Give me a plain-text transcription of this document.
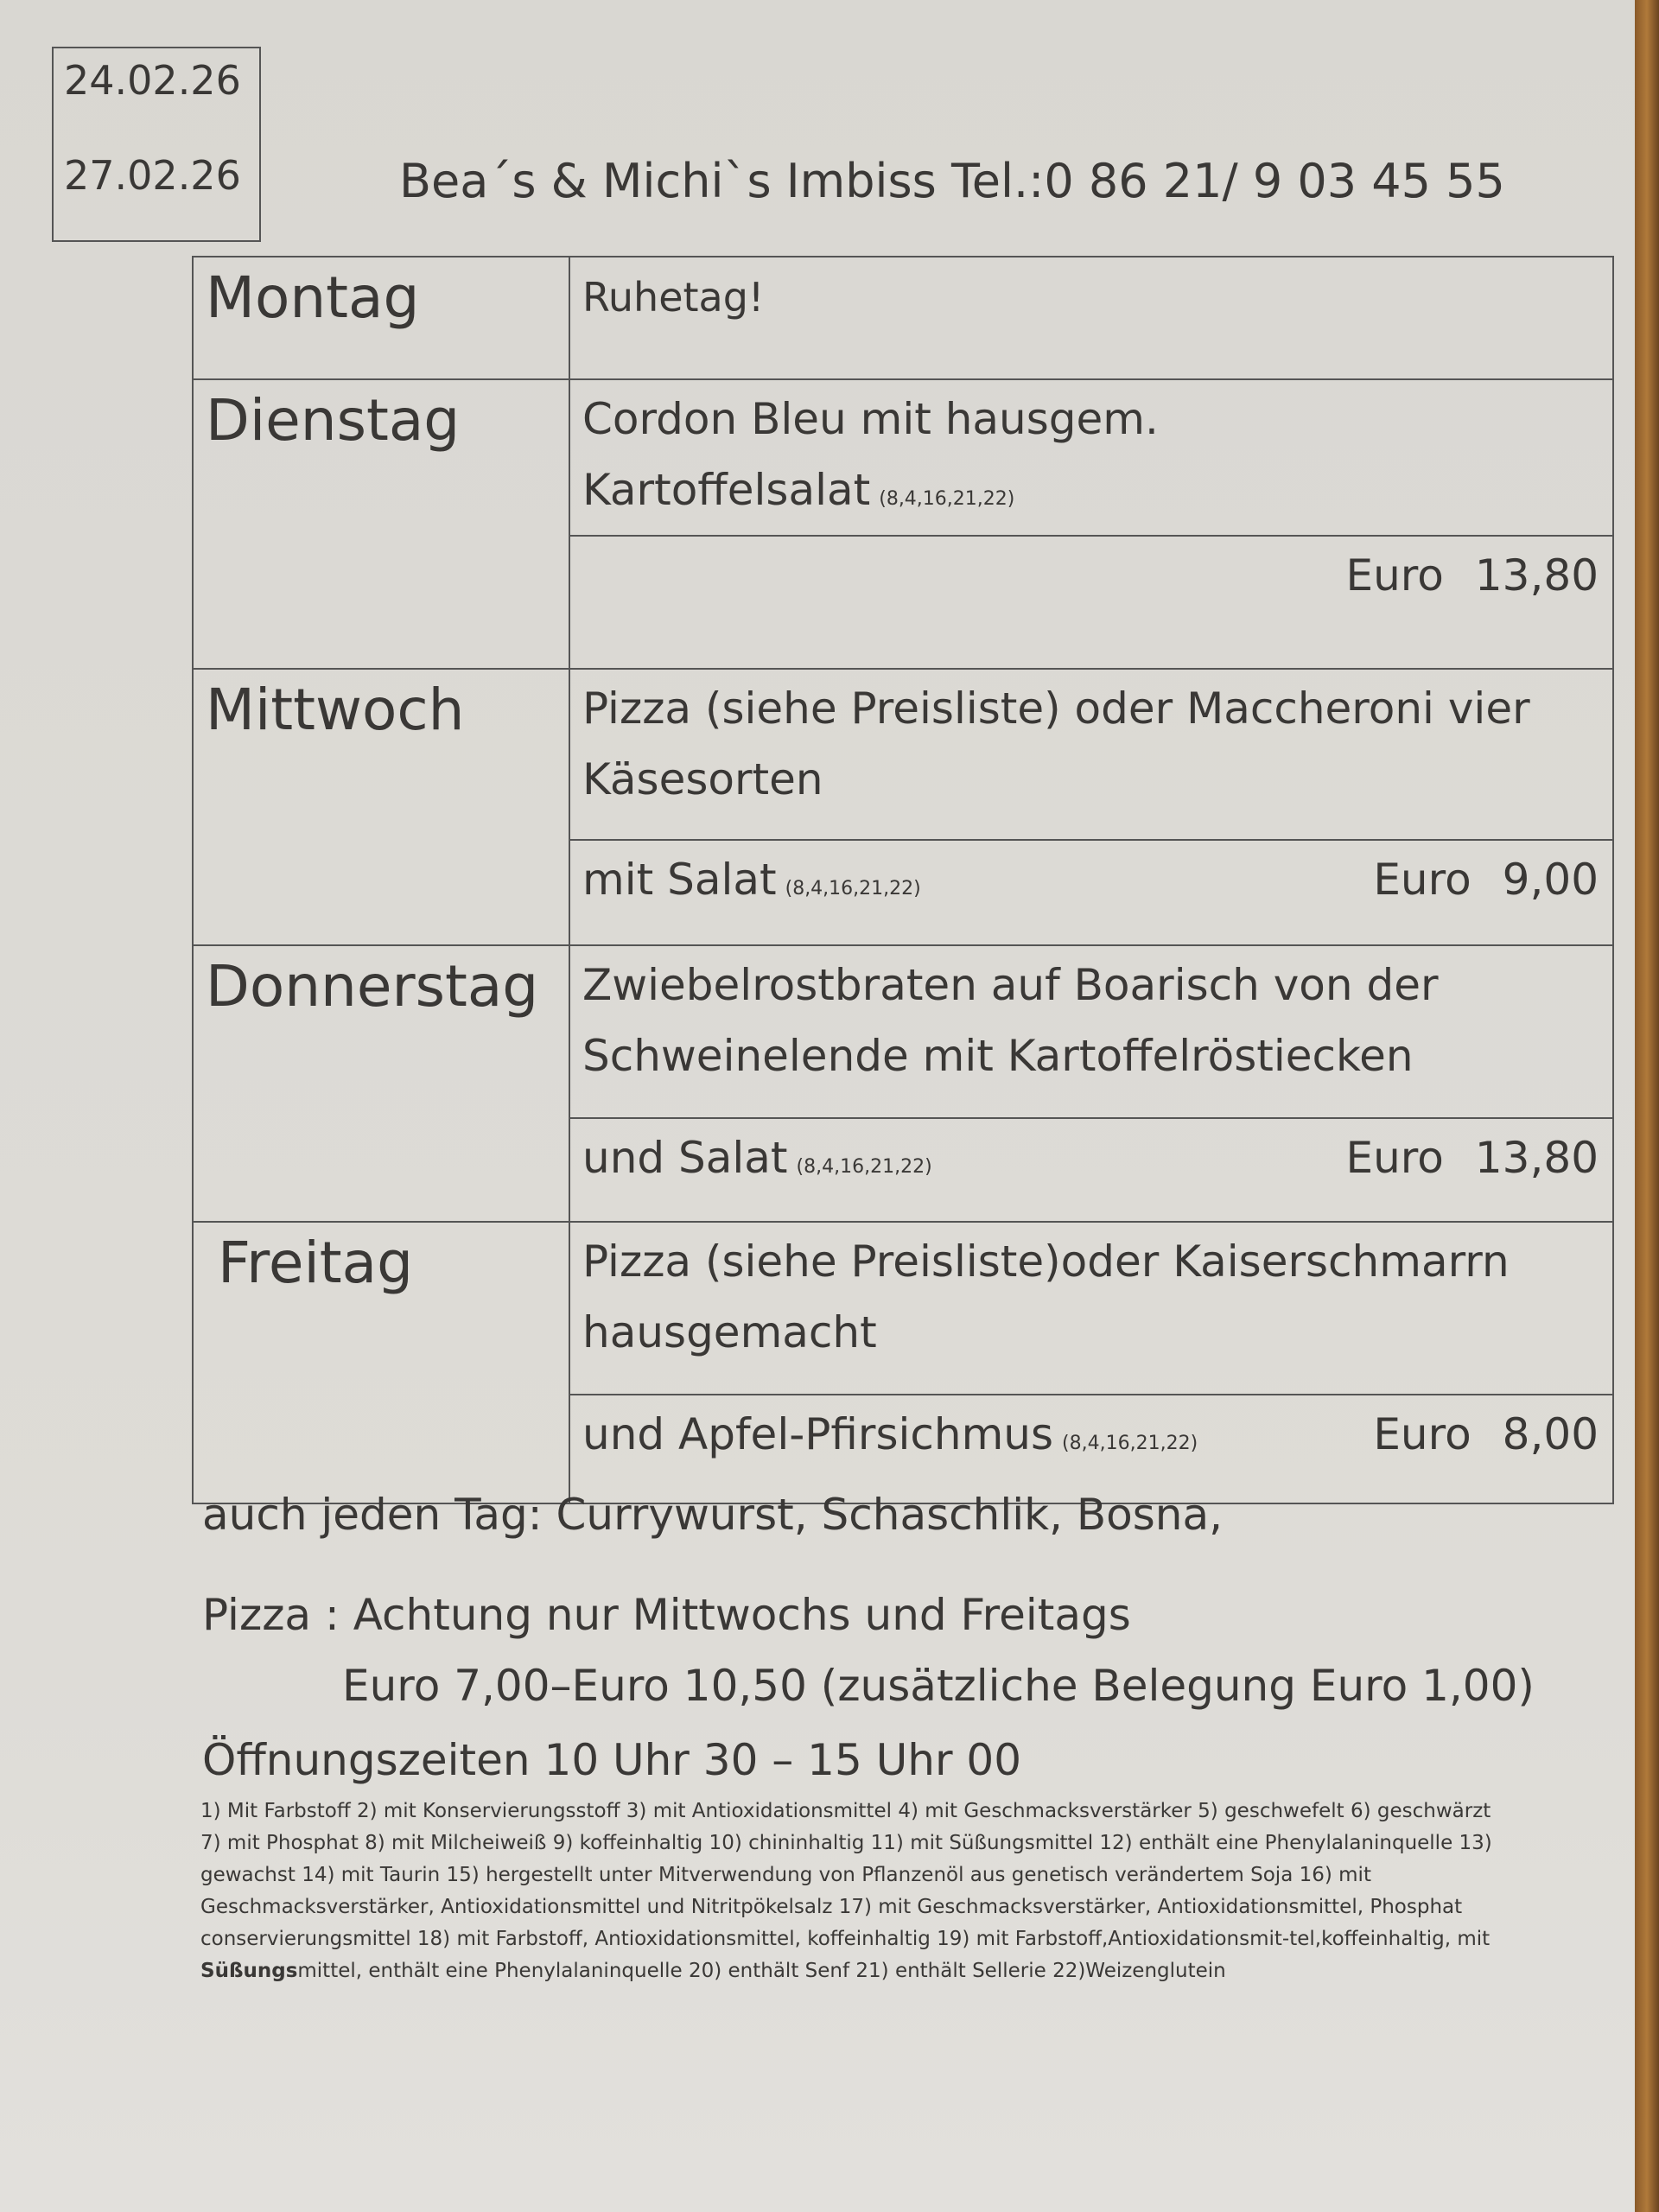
24.02.26
27.02.26	Bea´s & Michi`s Imbiss Tel.:0 86 21/ 9 03 45 55
Montag	Ruhetag!
Dienstag	Cordon Bleu mit hausgem. Kartoffelsalat (8,4,16,21,22)

	Euro 13,80

Mittwoch	Pizza (siehe Preisliste) oder Maccheroni vier Käsesorten

	mit Salat (8,4,16,21,22) Euro 9,00

Donnerstag	Zwiebelrostbraten auf Boarisch von der Schweinelende mit Kartoffelröstiecken

	und Salat (8,4,16,21,22) Euro 13,80

Freitag	Pizza (siehe Preisliste)oder Kaiserschmarrn hausgemacht

	und Apfel-Pfirsichmus (8,4,16,21,22) Euro 8,00
auch jeden Tag: Currywurst, Schaschlik, Bosna,
Pizza : Achtung nur Mittwochs und Freitags
Euro 7,00–Euro 10,50 (zusätzliche Belegung Euro 1,00)
Öffnungszeiten 10 Uhr 30 – 15 Uhr 00
1) Mit Farbstoff 2) mit Konservierungsstoff 3) mit Antioxidationsmittel 4) mit Geschmacksverstärker 5) geschwefelt 6) geschwärzt 7) mit Phosphat 8) mit Milcheiweiß 9) koffeinhaltig 10) chininhaltig 11) mit Süßungsmittel 12) enthält eine Phenylalaninquelle 13) gewachst 14) mit Taurin 15) hergestellt unter Mitverwendung von Pflanzenöl aus genetisch verändertem Soja 16) mit Geschmacksverstärker, Antioxidationsmittel und Nitritpökelsalz 17) mit Geschmacksverstärker, Antioxidationsmittel, Phosphat conservierungsmittel 18) mit Farbstoff, Antioxidationsmittel, koffeinhaltig 19) mit Farbstoff,Antioxidationsmit-tel,koffeinhaltig, mit Süßungsmittel, enthält eine Phenylalaninquelle 20) enthält Senf 21) enthält Sellerie 22)Weizenglutein
